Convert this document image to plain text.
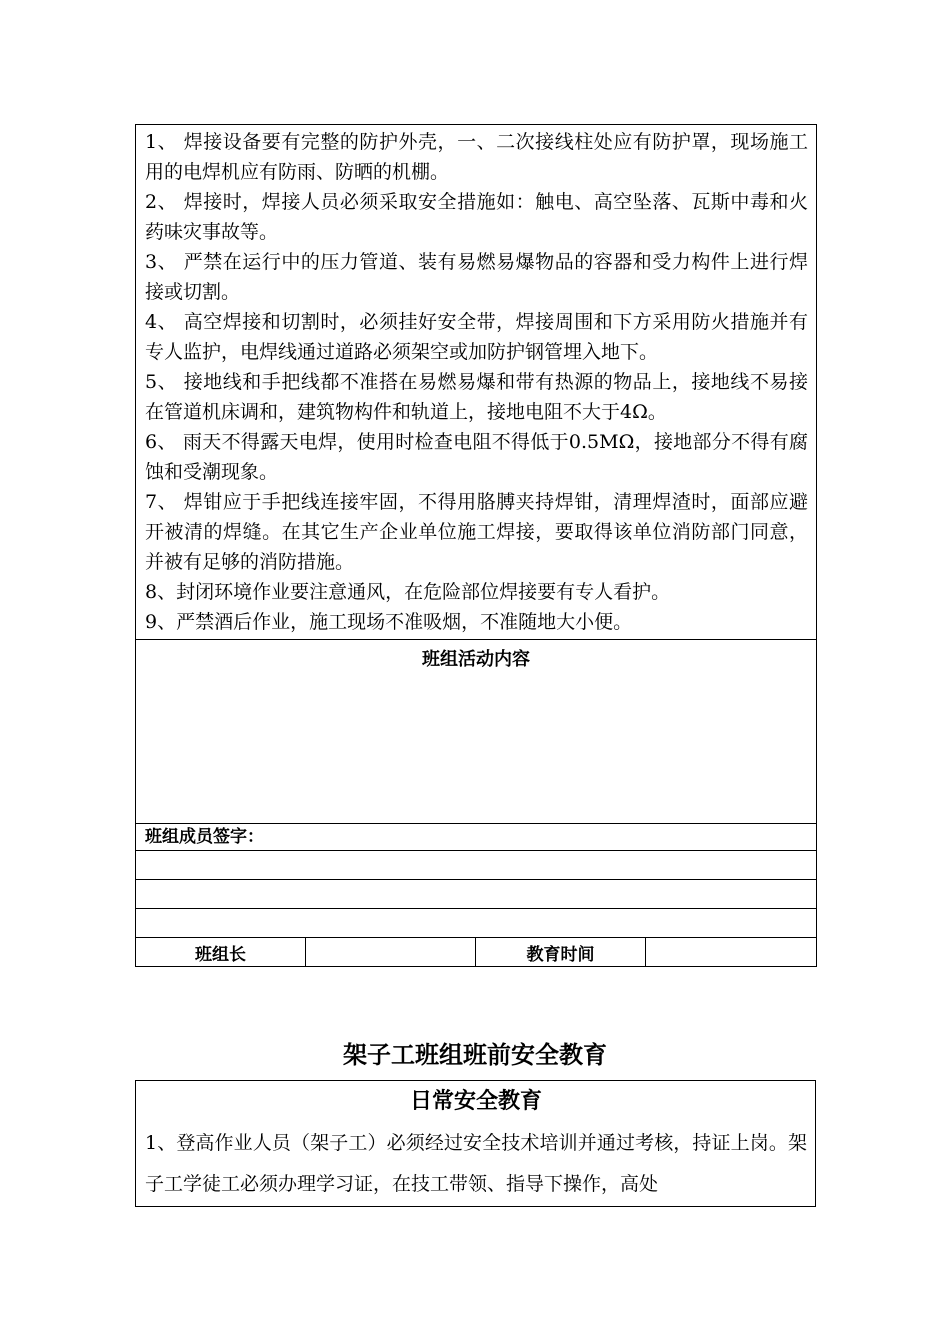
1、 焊接设备要有完整的防护外壳，一、二次接线柱处应有防护罩，现场施工用的电焊机应有防雨、防晒的机棚。

2、 焊接时，焊接人员必须采取安全措施如：触电、高空坠落、瓦斯中毒和火药味灾事故等。

3、 严禁在运行中的压力管道、装有易燃易爆物品的容器和受力构件上进行焊接或切割。

4、 高空焊接和切割时，必须挂好安全带，焊接周围和下方采用防火措施并有专人监护，电焊线通过道路必须架空或加防护钢管埋入地下。

5、 接地线和手把线都不准搭在易燃易爆和带有热源的物品上，接地线不易接在管道机床调和，建筑物构件和轨道上，接地电阻不大于4Ω。

6、 雨天不得露天电焊，使用时检查电阻不得低于0.5MΩ，接地部分不得有腐蚀和受潮现象。

7、 焊钳应于手把线连接牢固，不得用胳膊夹持焊钳，清理焊渣时，面部应避开被清的焊缝。在其它生产企业单位施工焊接，要取得该单位消防部门同意，并被有足够的消防措施。

8、封闭环境作业要注意通风，在危险部位焊接要有专人看护。

9、严禁酒后作业，施工现场不准吸烟，不准随地大小便。

班组活动内容

班组成员签字：

班组长		教育时间	
架子工班组班前安全教育
日常安全教育

1、登高作业人员（架子工）必须经过安全技术培训并通过考核，持证上岗。架子工学徒工必须办理学习证，在技工带领、指导下操作，高处
